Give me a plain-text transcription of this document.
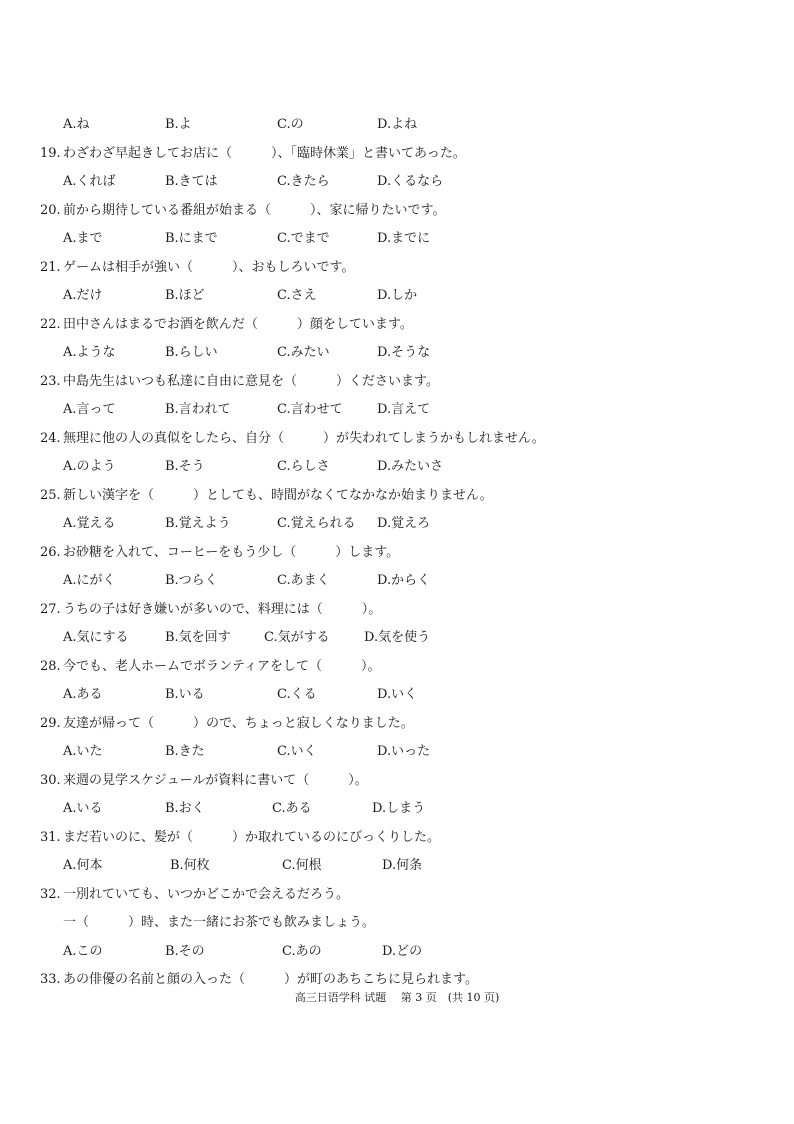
A.ね	B.よ	C.の	D.よね
19. わざわざ早起きしてお店に（　　　）、「臨時休業」と書いてあった。
A.くれば	B.きては	C.きたら	D.くるなら
20. 前から期待している番組が始まる（　　　）、家に帰りたいです。
A.まで	B.にまで	C.でまで	D.までに
21. ゲームは相手が強い（　　　）、おもしろいです。
A.だけ	B.ほど	C.さえ	D.しか
22. 田中さんはまるでお酒を飲んだ（　　　）顔をしています。
A.ような	B.らしい	C.みたい	D.そうな
23. 中島先生はいつも私達に自由に意見を（　　　）くださいます。
A.言って	B.言われて	C.言わせて	D.言えて
24. 無理に他の人の真似をしたら、自分（　　　）が失われてしまうかもしれません。
A.のよう	B.そう	C.らしさ	D.みたいさ
25. 新しい漢字を（　　　）としても、時間がなくてなかなか始まりません。
A.覚える	B.覚えよう	C.覚えられる D.覚えろ
26. お砂糖を入れて、コーヒーをもう少し（　　　）します。
A.にがく	B.つらく	C.あまく	D.からく
27. うちの子は好き嫌いが多いので、料理には（　　　）。
A.気にする	B.気を回す	C.気がする	D.気を使う
28. 今でも、老人ホームでボランティアをして（　　　）。
A.ある	B.いる	C.くる	D.いく
29. 友達が帰って（　　　）ので、ちょっと寂しくなりました。
A.いた	B.きた	C.いく	D.いった
30. 来週の見学スケジュールが資料に書いて（　　　）。
A.いる	B.おく	C.ある	D.しまう
31. まだ若いのに、髪が（　　　）か取れているのにびっくりした。
A.何本	B.何枚	C.何根	D.何条
32. 一別れていても、いつかどこかで会えるだろう。
一（　　　）時、また一緒にお茶でも飲みましょう。
A.この	B.その	C.あの	D.どの
33. あの俳優の名前と顔の入った（　　　）が町のあちこちに見られます。
高三日语学科 试题　 第 3 页　(共 10 页)
